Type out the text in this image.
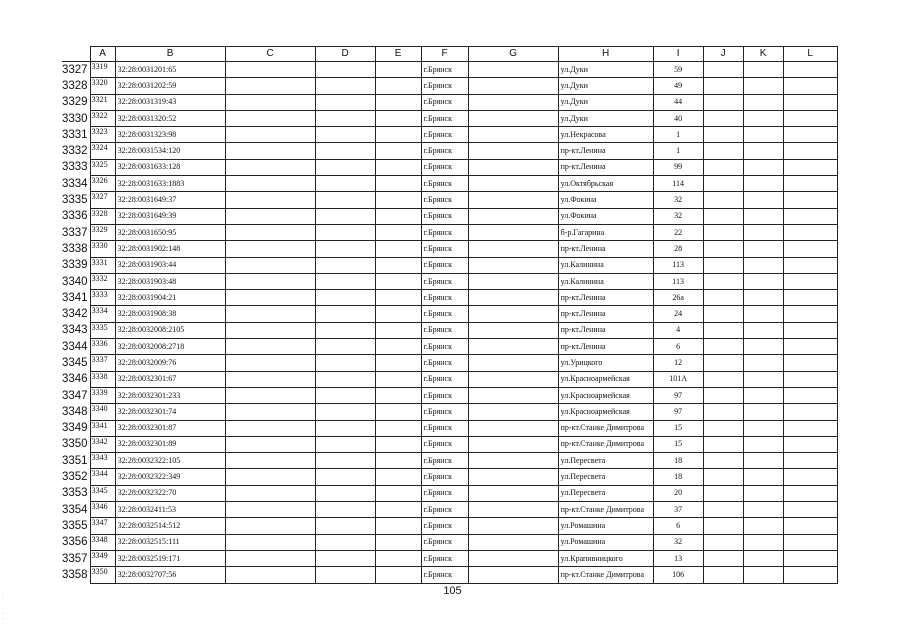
	A	B	C	D	E	F	G	H	I	J	K	L
3327	3319	32:28:0031201:65				г.Брянск		ул.Дуки	59			
3328	3320	32:28:0031202:59				г.Брянск		ул.Дуки	49			
3329	3321	32:28:0031319:43				г.Брянск		ул.Дуки	44			
3330	3322	32:28:0031320:52				г.Брянск		ул.Дуки	40			
3331	3323	32:28:0031323:98				г.Брянск		ул.Некрасова	1			
3332	3324	32:28:0031534:120				г.Брянск		пр-кт.Ленина	1			
3333	3325	32:28:0031633:128				г.Брянск		пр-кт.Ленина	99			
3334	3326	32:28:0031633:1883				г.Брянск		ул.Октябрьская	114			
3335	3327	32:28:0031649:37				г.Брянск		ул.Фокина	32			
3336	3328	32:28:0031649:39				г.Брянск		ул.Фокина	32			
3337	3329	32:28:0031650:95				г.Брянск		б-р.Гагарина	22			
3338	3330	32:28:0031902:148				г.Брянск		пр-кт.Ленина	28			
3339	3331	32:28:0031903:44				г.Брянск		ул.Калинина	113			
3340	3332	32:28:0031903:48				г.Брянск		ул.Калинина	113			
3341	3333	32:28:0031904:21				г.Брянск		пр-кт.Ленина	26а			
3342	3334	32:28:0031908:38				г.Брянск		пр-кт.Ленина	24			
3343	3335	32:28:0032008:2105				г.Брянск		пр-кт.Ленина	4			
3344	3336	32:28:0032008:2718				г.Брянск		пр-кт.Ленина	6			
3345	3337	32:28:0032009:76				г.Брянск		ул.Урицкого	12			
3346	3338	32:28:0032301:67				г.Брянск		ул.Красноармейская	101А			
3347	3339	32:28:0032301:233				г.Брянск		ул.Красноармейская	97			
3348	3340	32:28:0032301:74				г.Брянск		ул.Красноармейская	97			
3349	3341	32:28:0032301:87				г.Брянск		пр-кт.Станке Димитрова	15			
3350	3342	32:28:0032301:89				г.Брянск		пр-кт.Станке Димитрова	15			
3351	3343	32:28:0032322:105				г.Брянск		ул.Пересвета	18			
3352	3344	32:28:0032322:349				г.Брянск		ул.Пересвета	18			
3353	3345	32:28:0032322:70				г.Брянск		ул.Пересвета	20			
3354	3346	32:28:0032411:53				г.Брянск		пр-кт.Станке Димитрова	37			
3355	3347	32:28:0032514:512				г.Брянск		ул.Ромашина	6			
3356	3348	32:28:0032515:111				г.Брянск		ул.Ромашина	32			
3357	3349	32:28:0032519:171				г.Брянск		ул.Крапивницкого	13			
3358	3350	32:28:0032707:56				г.Брянск		пр-кт.Станке Димитрова	106			
105
·
·
·
·
·
·
·
·
